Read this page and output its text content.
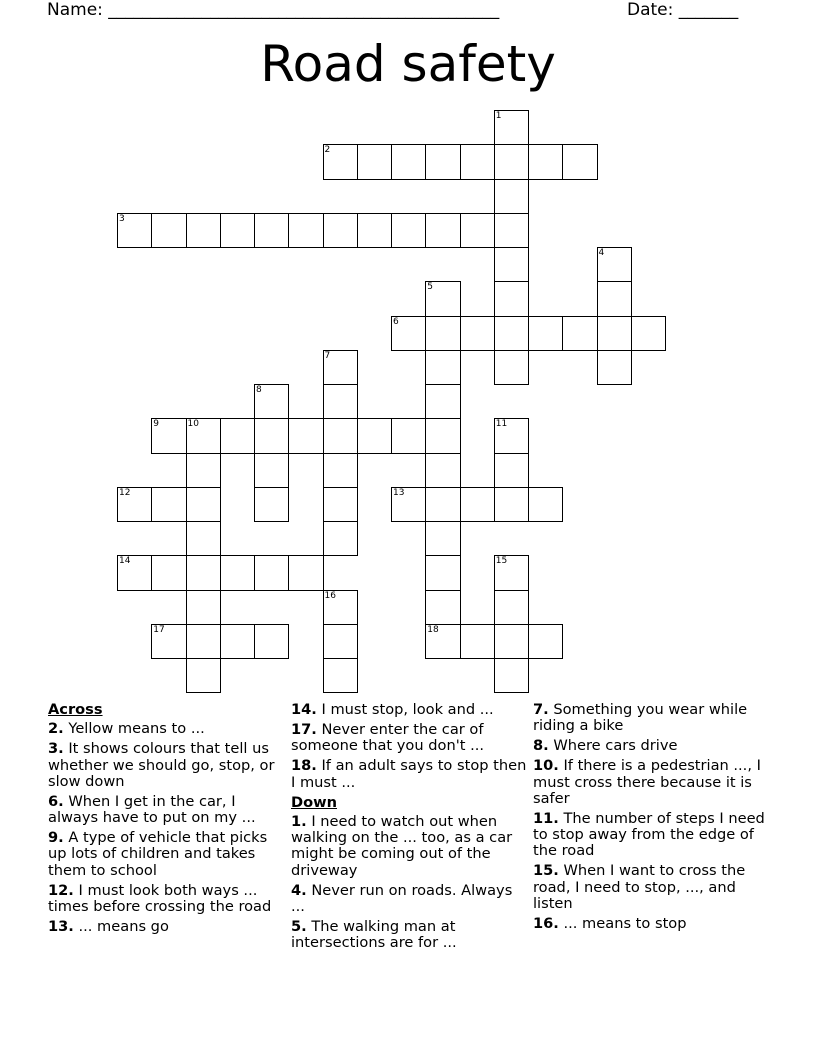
Name: ______________________________________________	Date: _______
Road safety
1
2
3
4
5
6
7
8
9	10	11
12	13
14	15
16
17	18
Across
2. Yellow means to ...
3. It shows colours that tell us whether we should go, stop, or slow down
6. When I get in the car, I always have to put on my ...
9. A type of vehicle that picks up lots of children and takes them to school
12. I must look both ways ... times before crossing the road
13. ... means go
14. I must stop, look and ...
17. Never enter the car of someone that you don't ...
18. If an adult says to stop then I must ...
Down
1. I need to watch out when walking on the ... too, as a car might be coming out of the driveway
4. Never run on roads. Always ...
5. The walking man at intersections are for ...
7. Something you wear while riding a bike
8. Where cars drive
10. If there is a pedestrian ..., I must cross there because it is safer
11. The number of steps I need to stop away from the edge of the road
15. When I want to cross the road, I need to stop, ..., and listen
16. ... means to stop
